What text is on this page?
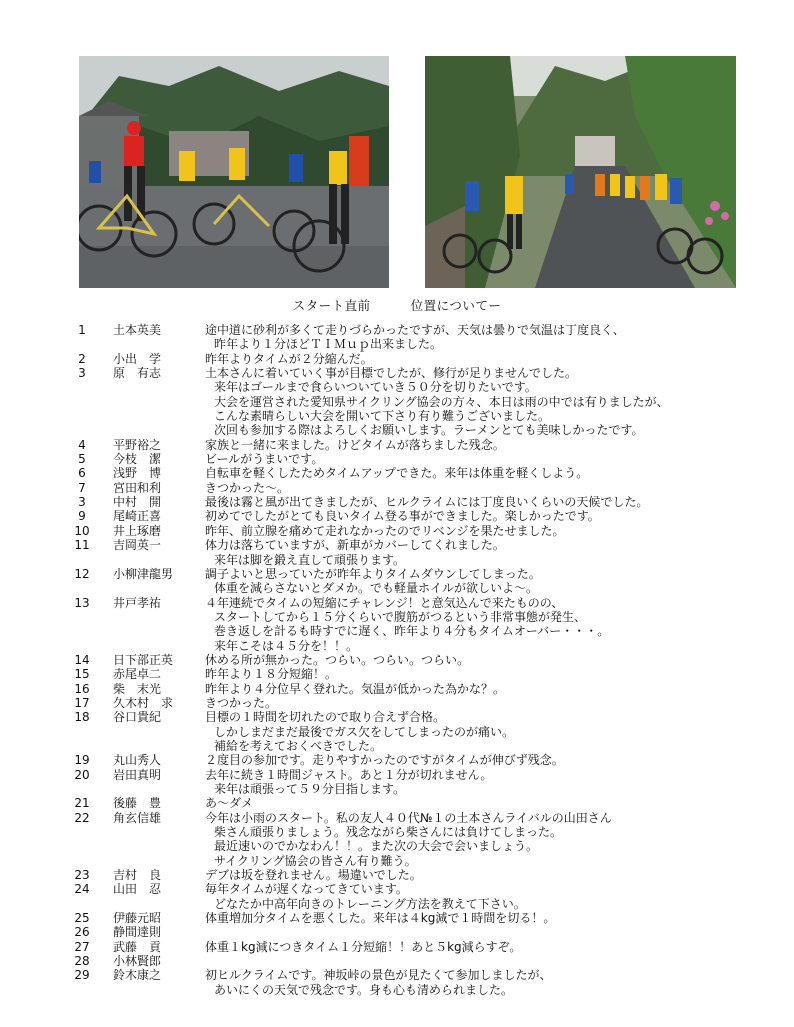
スタート直前	位置についてー
1	土本英美	途中道に砂利が多くて走りづらかったですが、天気は曇りで気温は丁度良く、
昨年より１分ほどＴＩＭｕｐ出来ました。
2	小出　学	昨年よりタイムが２分縮んだ。
3	原　有志	土本さんに着いていく事が目標でしたが、修行が足りませんでした。
来年はゴールまで食らいついていき５０分を切りたいです。
大会を運営された愛知県サイクリング協会の方々、本日は雨の中では有りましたが、
こんな素晴らしい大会を開いて下さり有り難うございました。
次回も参加する際はよろしくお願いします。ラーメンとても美味しかったです。
4	平野裕之	家族と一緒に来ました。けどタイムが落ちました残念。
5	今枝　潔	ビールがうまいです。
6	浅野　博	自転車を軽くしたためタイムアップできた。来年は体重を軽くしよう。
7	宮田和利	きつかった～。
3	中村　開	最後は霧と風が出てきましたが、ヒルクライムには丁度良いくらいの天候でした。
9	尾崎正喜	初めてでしたがとても良いタイム登る事ができました。楽しかったです。
10 井上琢磨	昨年、前立腺を痛めて走れなかったのでリベンジを果たせました。
11 吉岡英一	体力は落ちていますが、新車がカバーしてくれました。
来年は脚を鍛え直して頑張ります。
12 小柳津龍男	調子よいと思っていたが昨年よりタイムダウンしてしまった。
体重を減らさないとダメか。でも軽量ホイルが欲しいよ～。
13 井戸孝祐	４年連続でタイムの短縮にチャレンジ！と意気込んで来たものの、
スタートしてから１５分くらいで腹筋がつるという非常事態が発生、
巻き返しを計るも時すでに遅く、昨年より４分もタイムオーバー・・・。
来年こそは４５分を！！。
14 日下部正英	休める所が無かった。つらい。つらい。つらい。
15 赤尾卓二	昨年より１８分短縮！。
16 柴　末光	昨年より４分位早く登れた。気温が低かった為かな？。
17 久木村　求	きつかった。
18 谷口貴紀	目標の１時間を切れたので取り合えず合格。
しかしまだまだ最後でガス欠をしてしまったのが痛い。
補給を考えておくべきでした。
19 丸山秀人	２度目の参加です。走りやすかったのですがタイムが伸びず残念。
20 岩田真明	去年に続き１時間ジャスト。あと１分が切れません。
来年は頑張って５９分目指します。
21 後藤　豊	あ～ダメ
22 角玄信雄	今年は小雨のスタート。私の友人４０代№１の土本さんライバルの山田さん
柴さん頑張りましょう。残念ながら柴さんには負けてしまった。
最近速いのでかなわん！！。また次の大会で会いましょう。
サイクリング協会の皆さん有り難う。
23 吉村　良	デブは坂を登れません。場違いでした。
24 山田　忍	毎年タイムが遅くなってきています。
どなたか中高年向きのトレーニング方法を教えて下さい。
25 伊藤元昭	体重増加分タイムを悪くした。来年は４kg減で１時間を切る！。
26 静間達則
27 武藤　貢	体重１kg減につきタイム１分短縮！！あと５kg減らすぞ。
28 小林賢郎
29 鈴木康之	初ヒルクライムです。神坂峠の景色が見たくて参加しましたが、
あいにくの天気で残念です。身も心も清められました。
